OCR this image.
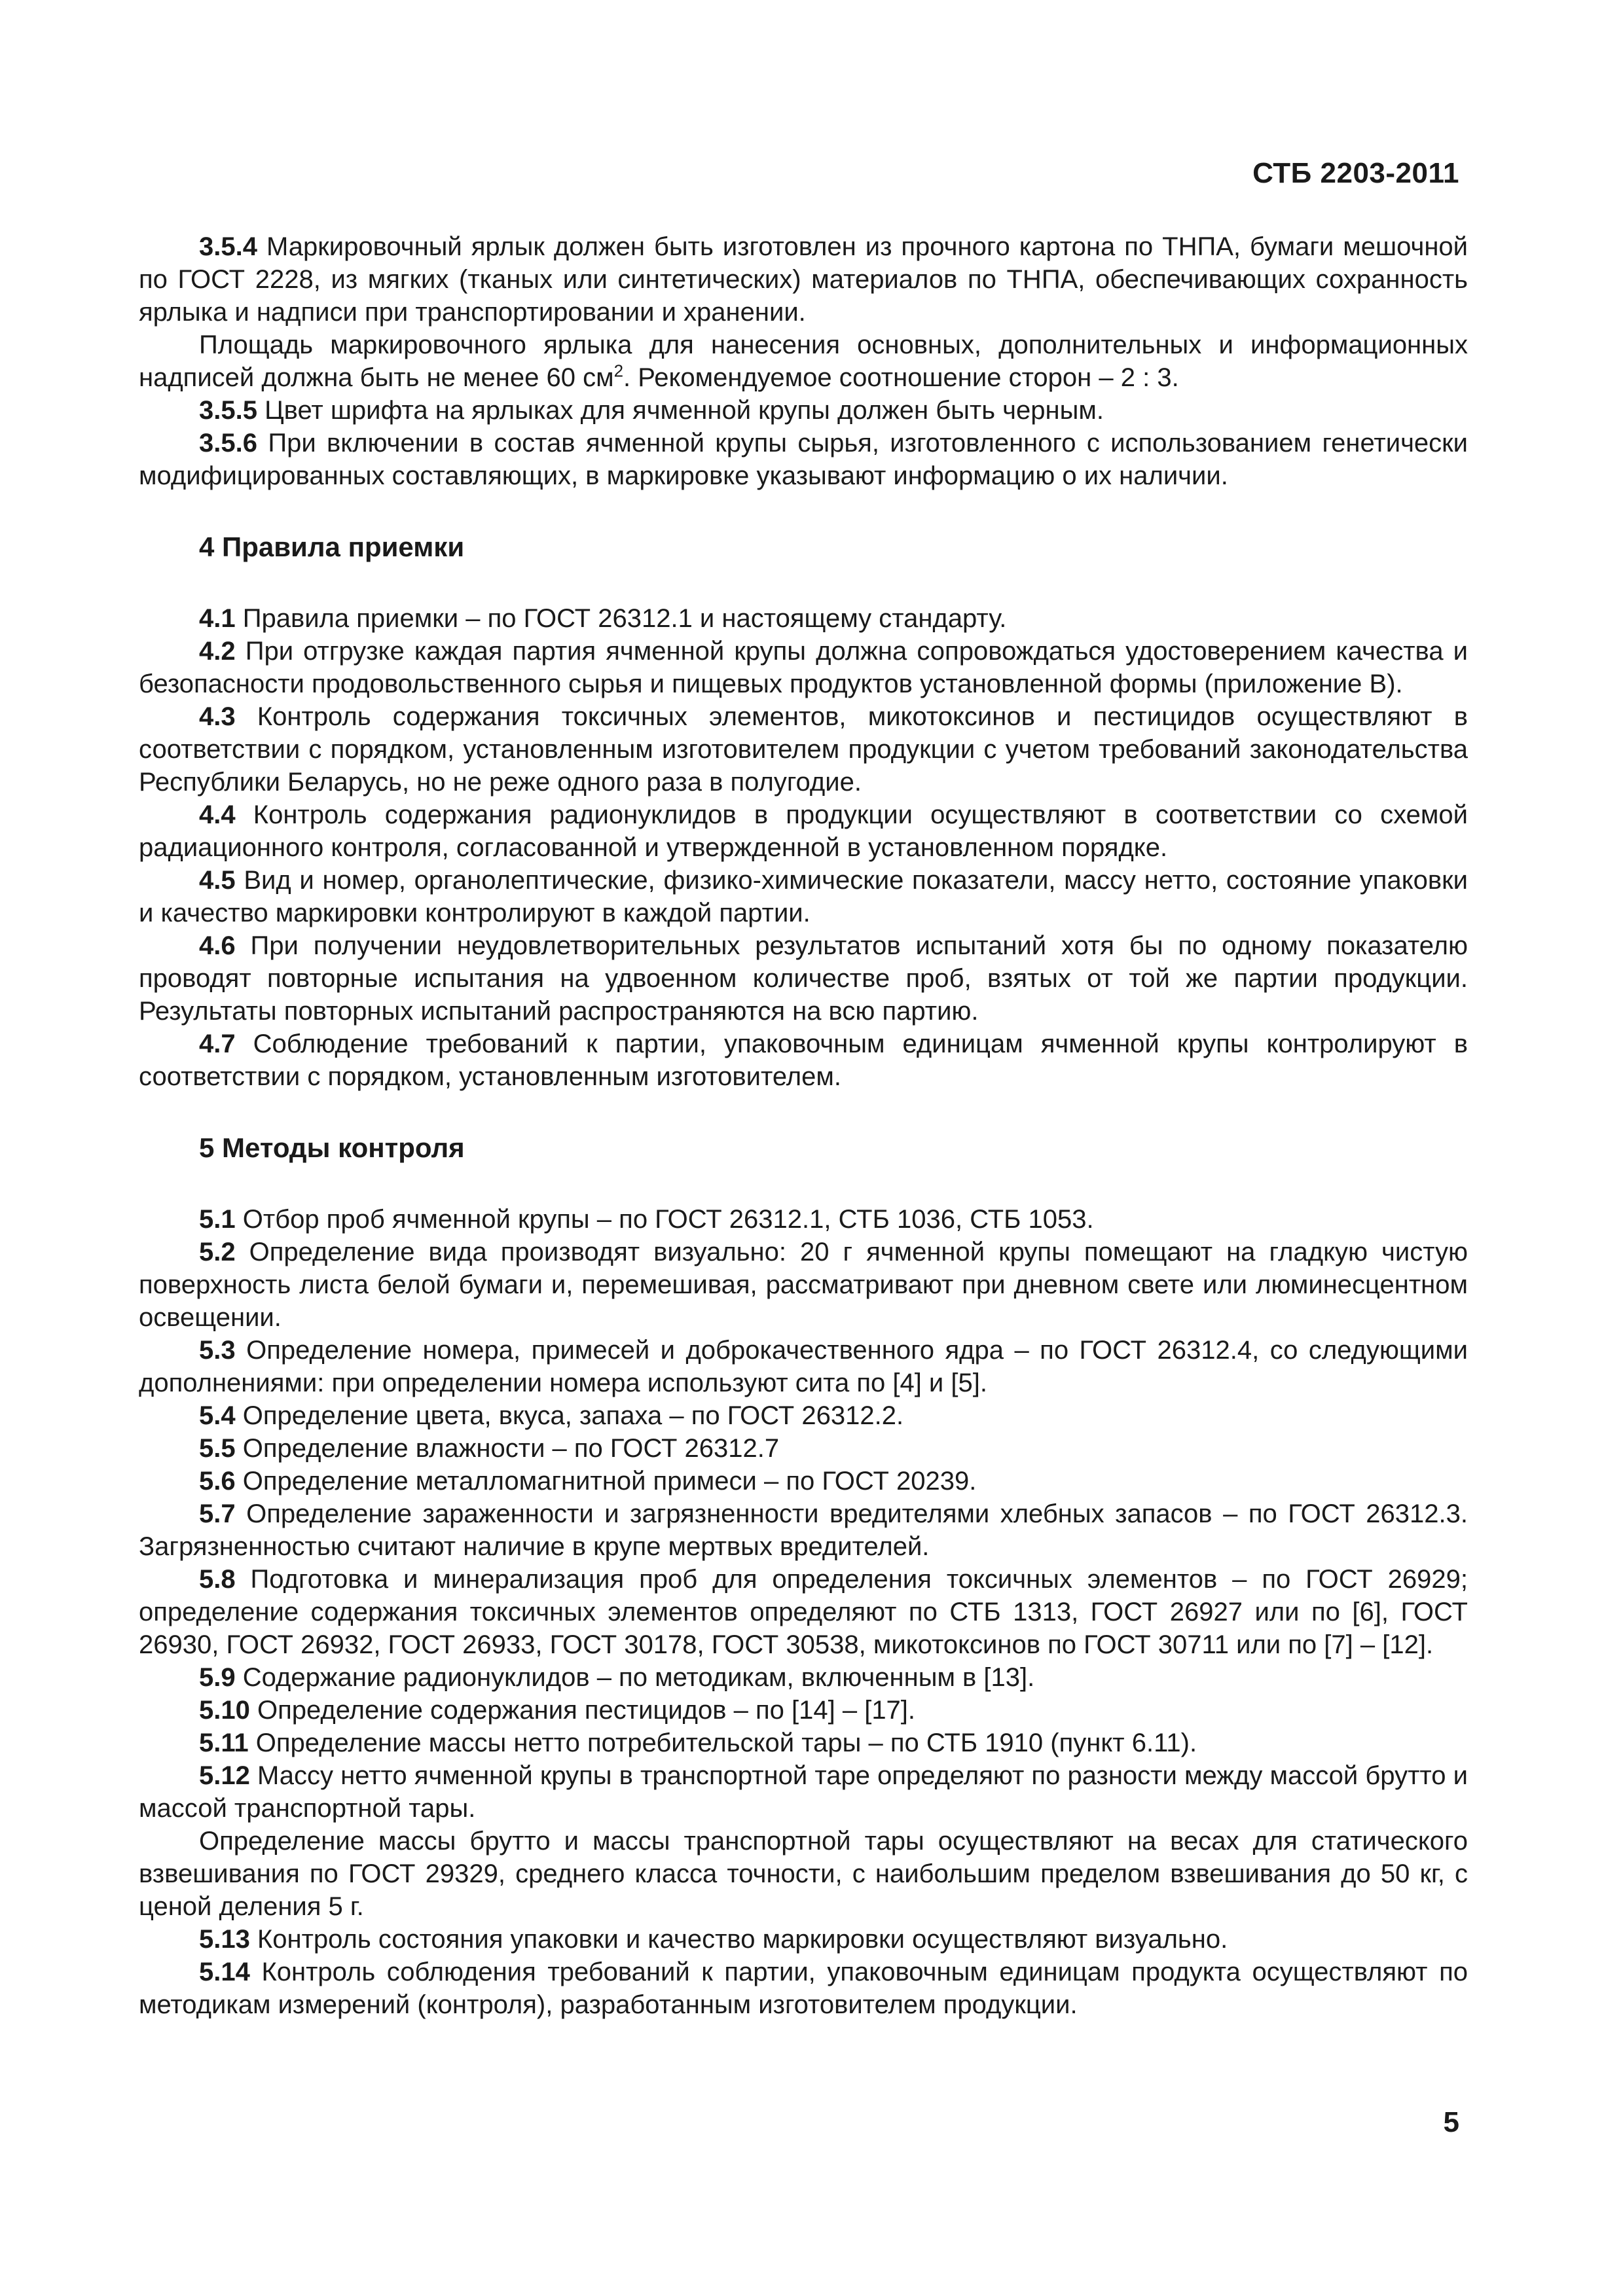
СТБ 2203-2011

3.5.4 Маркировочный ярлык должен быть изготовлен из прочного картона по ТНПА, бумаги мешочной по ГОСТ 2228, из мягких (тканых или синтетических) материалов по ТНПА, обеспечивающих сохранность ярлыка и надписи при транспортировании и хранении.

Площадь маркировочного ярлыка для нанесения основных, дополнительных и информационных надписей должна быть не менее 60 $см^2$. Рекомендуемое соотношение сторон – 2 : 3.

3.5.5 Цвет шрифта на ярлыках для ячменной крупы должен быть черным.

3.5.6 При включении в состав ячменной крупы сырья, изготовленного с использованием генетически модифицированных составляющих, в маркировке указывают информацию о их наличии.

4 Правила приемки

4.1 Правила приемки – по ГОСТ 26312.1 и настоящему стандарту.

4.2 При отгрузке каждая партия ячменной крупы должна сопровождаться удостоверением качества и безопасности продовольственного сырья и пищевых продуктов установленной формы (приложение В).

4.3 Контроль содержания токсичных элементов, микотоксинов и пестицидов осуществляют в соответствии с порядком, установленным изготовителем продукции с учетом требований законодательства Республики Беларусь, но не реже одного раза в полугодие.

4.4 Контроль содержания радионуклидов в продукции осуществляют в соответствии со схемой радиационного контроля, согласованной и утвержденной в установленном порядке.

4.5 Вид и номер, органолептические, физико-химические показатели, массу нетто, состояние упаковки и качество маркировки контролируют в каждой партии.

4.6 При получении неудовлетворительных результатов испытаний хотя бы по одному показателю проводят повторные испытания на удвоенном количестве проб, взятых от той же партии продукции. Результаты повторных испытаний распространяются на всю партию.

4.7 Соблюдение требований к партии, упаковочным единицам ячменной крупы контролируют в соответствии с порядком, установленным изготовителем.

5 Методы контроля

5.1 Отбор проб ячменной крупы – по ГОСТ 26312.1, СТБ 1036, СТБ 1053.

5.2 Определение вида производят визуально: 20 г ячменной крупы помещают на гладкую чистую поверхность листа белой бумаги и, перемешивая, рассматривают при дневном свете или люминесцентном освещении.

5.3 Определение номера, примесей и доброкачественного ядра – по ГОСТ 26312.4, со следующими дополнениями: при определении номера используют сита по [4] и [5].

5.4 Определение цвета, вкуса, запаха – по ГОСТ 26312.2.

5.5 Определение влажности – по ГОСТ 26312.7

5.6 Определение металломагнитной примеси – по ГОСТ 20239.

5.7 Определение зараженности и загрязненности вредителями хлебных запасов – по ГОСТ 26312.3. Загрязненностью считают наличие в крупе мертвых вредителей.

5.8 Подготовка и минерализация проб для определения токсичных элементов – по ГОСТ 26929; определение содержания токсичных элементов определяют по СТБ 1313, ГОСТ 26927 или по [6], ГОСТ 26930, ГОСТ 26932, ГОСТ 26933, ГОСТ 30178, ГОСТ 30538, микотоксинов по ГОСТ 30711 или по [7] – [12].

5.9 Содержание радионуклидов – по методикам, включенным в [13].

5.10 Определение содержания пестицидов – по [14] – [17].

5.11 Определение массы нетто потребительской тары – по СТБ 1910 (пункт 6.11).

5.12 Массу нетто ячменной крупы в транспортной таре определяют по разности между массой брутто и массой транспортной тары.

Определение массы брутто и массы транспортной тары осуществляют на весах для статического взвешивания по ГОСТ 29329, среднего класса точности, с наибольшим пределом взвешивания до 50 кг, с ценой деления 5 г.

5.13 Контроль состояния упаковки и качество маркировки осуществляют визуально.

5.14 Контроль соблюдения требований к партии, упаковочным единицам продукта осуществляют по методикам измерений (контроля), разработанным изготовителем продукции.

5
